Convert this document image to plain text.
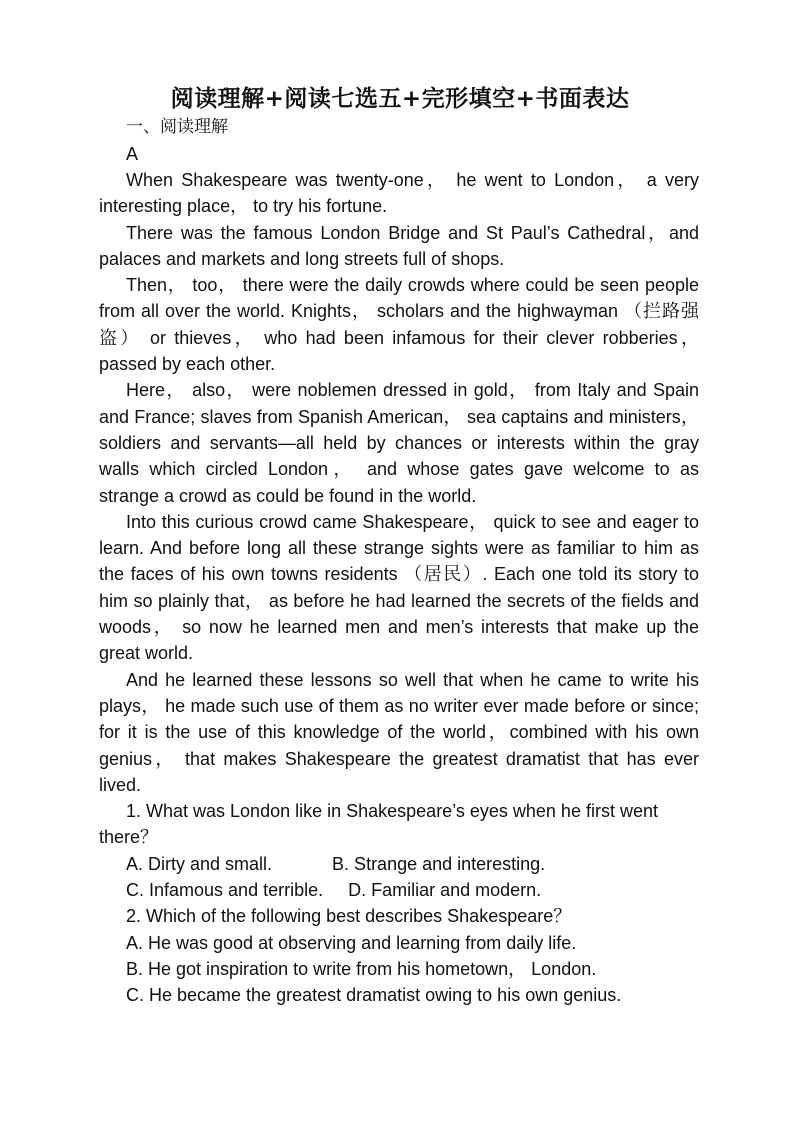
阅读理解+阅读七选五+完形填空+书面表达

一、阅读理解

A

When Shakespeare was twenty-one， he went to London， a very interesting place， to try his fortune.

There was the famous London Bridge and St Paul’s Cathedral，and palaces and markets and long streets full of shops.

Then， too， there were the daily crowds where could be seen people from all over the world. Knights， scholars and the highwayman （拦路强盗） or thieves， who had been infamous for their clever robberies， passed by each other.

Here， also， were noblemen dressed in gold， from Italy and Spain and France; slaves from Spanish American， sea captains and ministers， soldiers and servants—all held by chances or interests within the gray walls which circled London， and whose gates gave welcome to as strange a crowd as could be found in the world.

Into this curious crowd came Shakespeare， quick to see and eager to learn. And before long all these strange sights were as familiar to him as the faces of his own towns residents （居民）. Each one told its story to him so plainly that， as before he had learned the secrets of the fields and woods， so now he learned men and men’s interests that make up the great world.

And he learned these lessons so well that when he came to write his plays， he made such use of them as no writer ever made before or since; for it is the use of this knowledge of the world，combined with his own genius， that makes Shakespeare the greatest dramatist that has ever lived.

1. What was London like in Shakespeare’s eyes when he first went there？

A. Dirty and small.            B. Strange and interesting.

C. Infamous and terrible.     D. Familiar and modern.

2. Which of the following best describes Shakespeare？

A. He was good at observing and learning from daily life.

B. He got inspiration to write from his hometown， London.

C. He became the greatest dramatist owing to his own genius.
